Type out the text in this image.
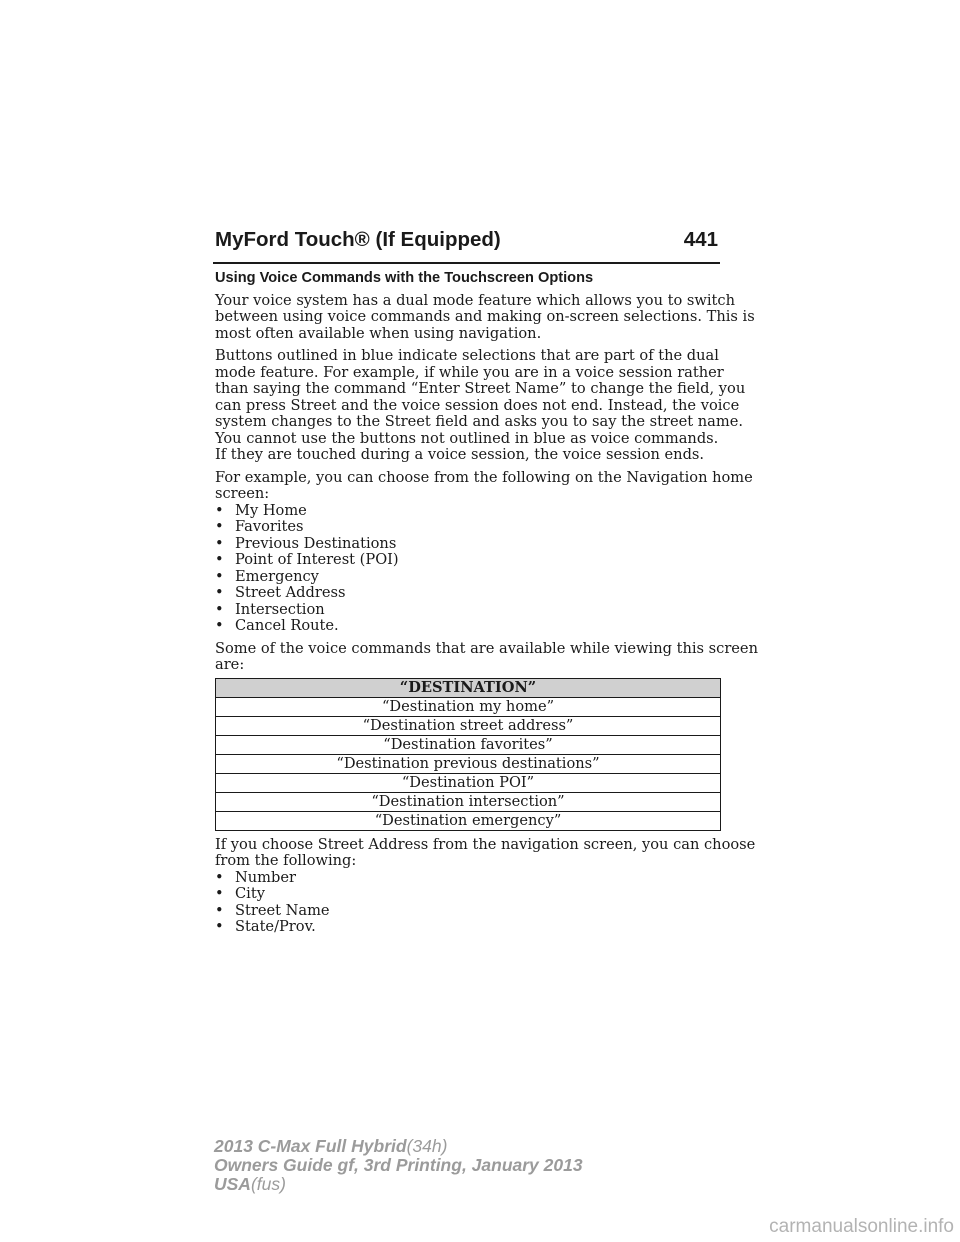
MyFord Touch® (If Equipped)	441
Using Voice Commands with the Touchscreen Options

Your voice system has a dual mode feature which allows you to switch
between using voice commands and making on-screen selections. This is
most often available when using navigation.

Buttons outlined in blue indicate selections that are part of the dual
mode feature. For example, if while you are in a voice session rather
than saying the command “Enter Street Name” to change the field, you
can press Street and the voice session does not end. Instead, the voice
system changes to the Street field and asks you to say the street name.
You cannot use the buttons not outlined in blue as voice commands.
If they are touched during a voice session, the voice session ends.

For example, you can choose from the following on the Navigation home
screen:
• My Home
• Favorites
• Previous Destinations
• Point of Interest (POI)
• Emergency
• Street Address
• Intersection
• Cancel Route.
Some of the voice commands that are available while viewing this screen
are:
“DESTINATION”
“Destination my home”
“Destination street address”
“Destination favorites”
“Destination previous destinations”
“Destination POI”
“Destination intersection”
“Destination emergency”
If you choose Street Address from the navigation screen, you can choose
from the following:
• Number
• City
• Street Name
• State/Prov.
2013 C-Max Full Hybrid(34h)
Owners Guide gf, 3rd Printing, January 2013
USA(fus)
carmanualsonline.info
